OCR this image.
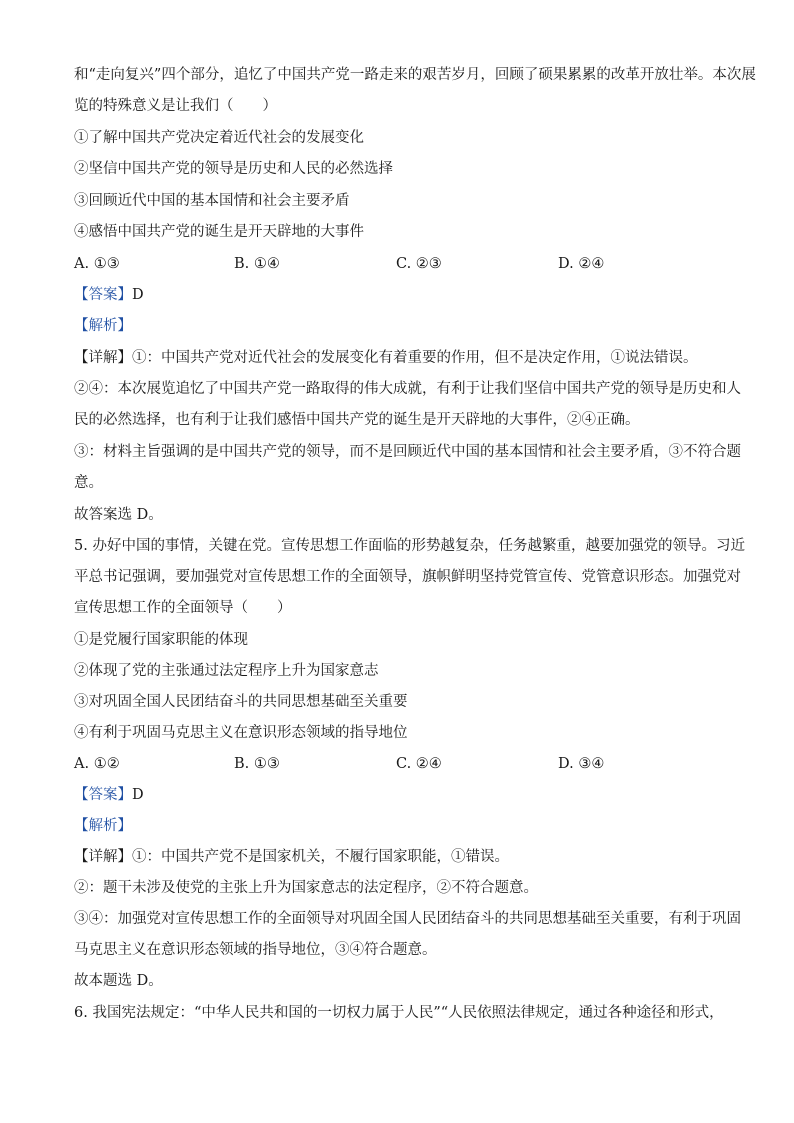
和“走向复兴”四个部分，追忆了中国共产党一路走来的艰苦岁月，回顾了硕果累累的改革开放壮举。本次展
览的特殊意义是让我们（　　）
①了解中国共产党决定着近代社会的发展变化
②坚信中国共产党的领导是历史和人民的必然选择
③回顾近代中国的基本国情和社会主要矛盾
④感悟中国共产党的诞生是开天辟地的大事件
A. ①③	B. ①④	C. ②③	D. ②④
【答案】D
【解析】
【详解】①：中国共产党对近代社会的发展变化有着重要的作用，但不是决定作用，①说法错误。
②④：本次展览追忆了中国共产党一路取得的伟大成就，有利于让我们坚信中国共产党的领导是历史和人
民的必然选择，也有利于让我们感悟中国共产党的诞生是开天辟地的大事件，②④正确。
③：材料主旨强调的是中国共产党的领导，而不是回顾近代中国的基本国情和社会主要矛盾，③不符合题
意。
故答案选 D。
5. 办好中国的事情，关键在党。宣传思想工作面临的形势越复杂，任务越繁重，越要加强党的领导。习近
平总书记强调，要加强党对宣传思想工作的全面领导，旗帜鲜明坚持党管宣传、党管意识形态。加强党对
宣传思想工作的全面领导（　　）
①是党履行国家职能的体现
②体现了党的主张通过法定程序上升为国家意志
③对巩固全国人民团结奋斗的共同思想基础至关重要
④有利于巩固马克思主义在意识形态领域的指导地位
A. ①②	B. ①③	C. ②④	D. ③④
【答案】D
【解析】
【详解】①：中国共产党不是国家机关，不履行国家职能，①错误。
②：题干未涉及使党的主张上升为国家意志的法定程序，②不符合题意。
③④：加强党对宣传思想工作的全面领导对巩固全国人民团结奋斗的共同思想基础至关重要，有利于巩固
马克思主义在意识形态领域的指导地位，③④符合题意。
故本题选 D。
6. 我国宪法规定：“中华人民共和国的一切权力属于人民”“人民依照法律规定，通过各种途径和形式，
